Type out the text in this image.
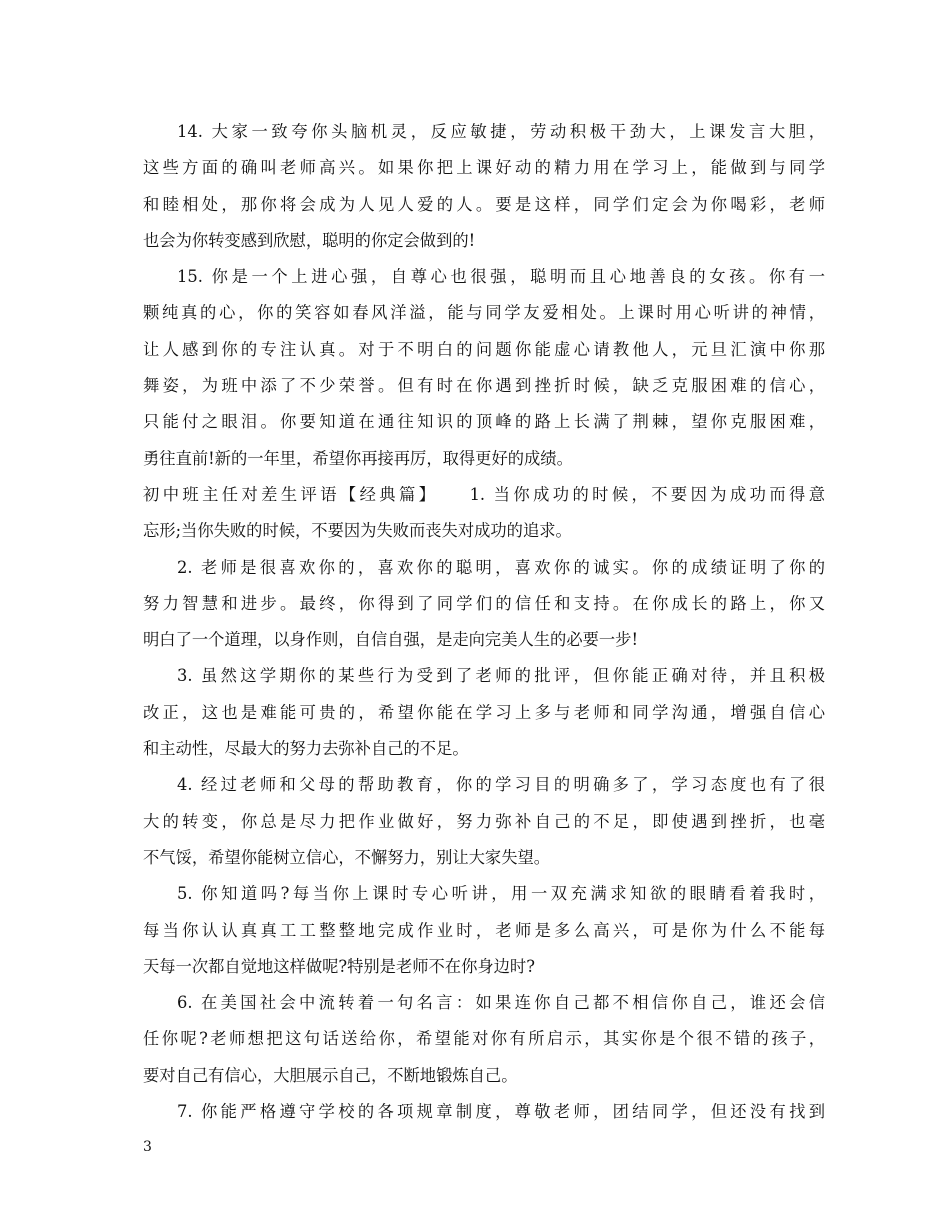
14. 大家一致夸你头脑机灵，反应敏捷，劳动积极干劲大，上课发言大胆，
这些方面的确叫老师高兴。如果你把上课好动的精力用在学习上，能做到与同学
和睦相处，那你将会成为人见人爱的人。要是这样，同学们定会为你喝彩，老师
也会为你转变感到欣慰，聪明的你定会做到的!
15. 你是一个上进心强，自尊心也很强，聪明而且心地善良的女孩。你有一
颗纯真的心，你的笑容如春风洋溢，能与同学友爱相处。上课时用心听讲的神情，
让人感到你的专注认真。对于不明白的问题你能虚心请教他人，元旦汇演中你那
舞姿，为班中添了不少荣誉。但有时在你遇到挫折时候，缺乏克服困难的信心，
只能付之眼泪。你要知道在通往知识的顶峰的路上长满了荆棘，望你克服困难，
勇往直前!新的一年里，希望你再接再厉，取得更好的成绩。
初中班主任对差生评语【经典篇】　　1. 当你成功的时候，不要因为成功而得意
忘形;当你失败的时候，不要因为失败而丧失对成功的追求。
2. 老师是很喜欢你的，喜欢你的聪明，喜欢你的诚实。你的成绩证明了你的
努力智慧和进步。最终，你得到了同学们的信任和支持。在你成长的路上，你又
明白了一个道理，以身作则，自信自强，是走向完美人生的必要一步!
3. 虽然这学期你的某些行为受到了老师的批评，但你能正确对待，并且积极
改正，这也是难能可贵的，希望你能在学习上多与老师和同学沟通，增强自信心
和主动性，尽最大的努力去弥补自己的不足。
4. 经过老师和父母的帮助教育，你的学习目的明确多了，学习态度也有了很
大的转变，你总是尽力把作业做好，努力弥补自己的不足，即使遇到挫折，也毫
不气馁，希望你能树立信心，不懈努力，别让大家失望。
5. 你知道吗?每当你上课时专心听讲，用一双充满求知欲的眼睛看着我时，
每当你认认真真工工整整地完成作业时，老师是多么高兴，可是你为什么不能每
天每一次都自觉地这样做呢?特别是老师不在你身边时?
6. 在美国社会中流转着一句名言：如果连你自己都不相信你自己，谁还会信
任你呢?老师想把这句话送给你，希望能对你有所启示，其实你是个很不错的孩子，
要对自己有信心，大胆展示自己，不断地锻炼自己。
7. 你能严格遵守学校的各项规章制度，尊敬老师，团结同学，但还没有找到
3
